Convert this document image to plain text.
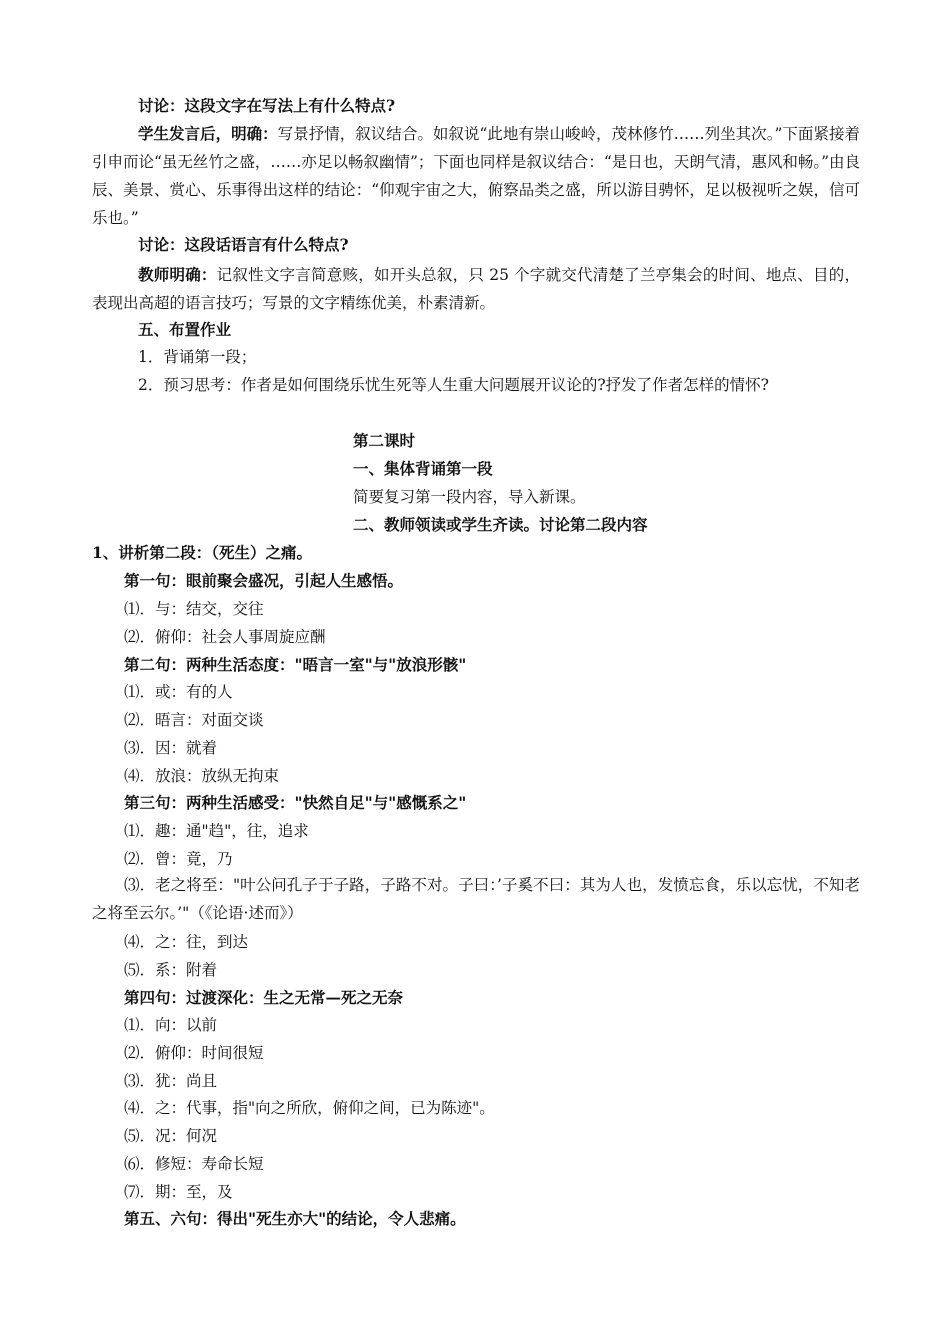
讨论：这段文字在写法上有什么特点?
学生发言后，明确：写景抒情，叙议结合。如叙说“此地有崇山峻岭，茂林修竹……列坐其次。”下面紧接着引申而论“虽无丝竹之盛，……亦足以畅叙幽情”；下面也同样是叙议结合：“是日也，天朗气清，惠风和畅。”由良辰、美景、赏心、乐事得出这样的结论：“仰观宇宙之大，俯察品类之盛，所以游目骋怀，足以极视听之娱，信可乐也。”
讨论：这段话语言有什么特点?
教师明确：记叙性文字言简意赅，如开头总叙，只 25 个字就交代清楚了兰亭集会的时间、地点、目的，表现出高超的语言技巧；写景的文字精练优美，朴素清新。
五、布置作业
1．背诵第一段；
2．预习思考：作者是如何围绕乐忧生死等人生重大问题展开议论的?抒发了作者怎样的情怀?
第二课时
一、集体背诵第一段
简要复习第一段内容，导入新课。
二、教师领读或学生齐读。讨论第二段内容
1、讲析第二段：（死生）之痛。
第一句：眼前聚会盛况，引起人生感悟。
⑴．与：结交，交往
⑵．俯仰：社会人事周旋应酬
第二句：两种生活态度："晤言一室"与"放浪形骸"
⑴．或：有的人
⑵．晤言：对面交谈
⑶．因：就着
⑷．放浪：放纵无拘束
第三句：两种生活感受："快然自足"与"感慨系之"
⑴．趣：通"趋"，往，追求
⑵．曾：竟，乃
⑶．老之将至："叶公问孔子于子路，子路不对。子曰：’子奚不曰：其为人也，发愤忘食，乐以忘忧，不知老之将至云尔。’"（《论语·述而》）
⑷．之：往，到达
⑸．系：附着
第四句：过渡深化：生之无常—死之无奈
⑴．向：以前
⑵．俯仰：时间很短
⑶．犹：尚且
⑷．之：代事，指"向之所欣，俯仰之间，已为陈迹"。
⑸．况：何况
⑹．修短：寿命长短
⑺．期：至，及
第五、六句：得出"死生亦大"的结论，令人悲痛。
